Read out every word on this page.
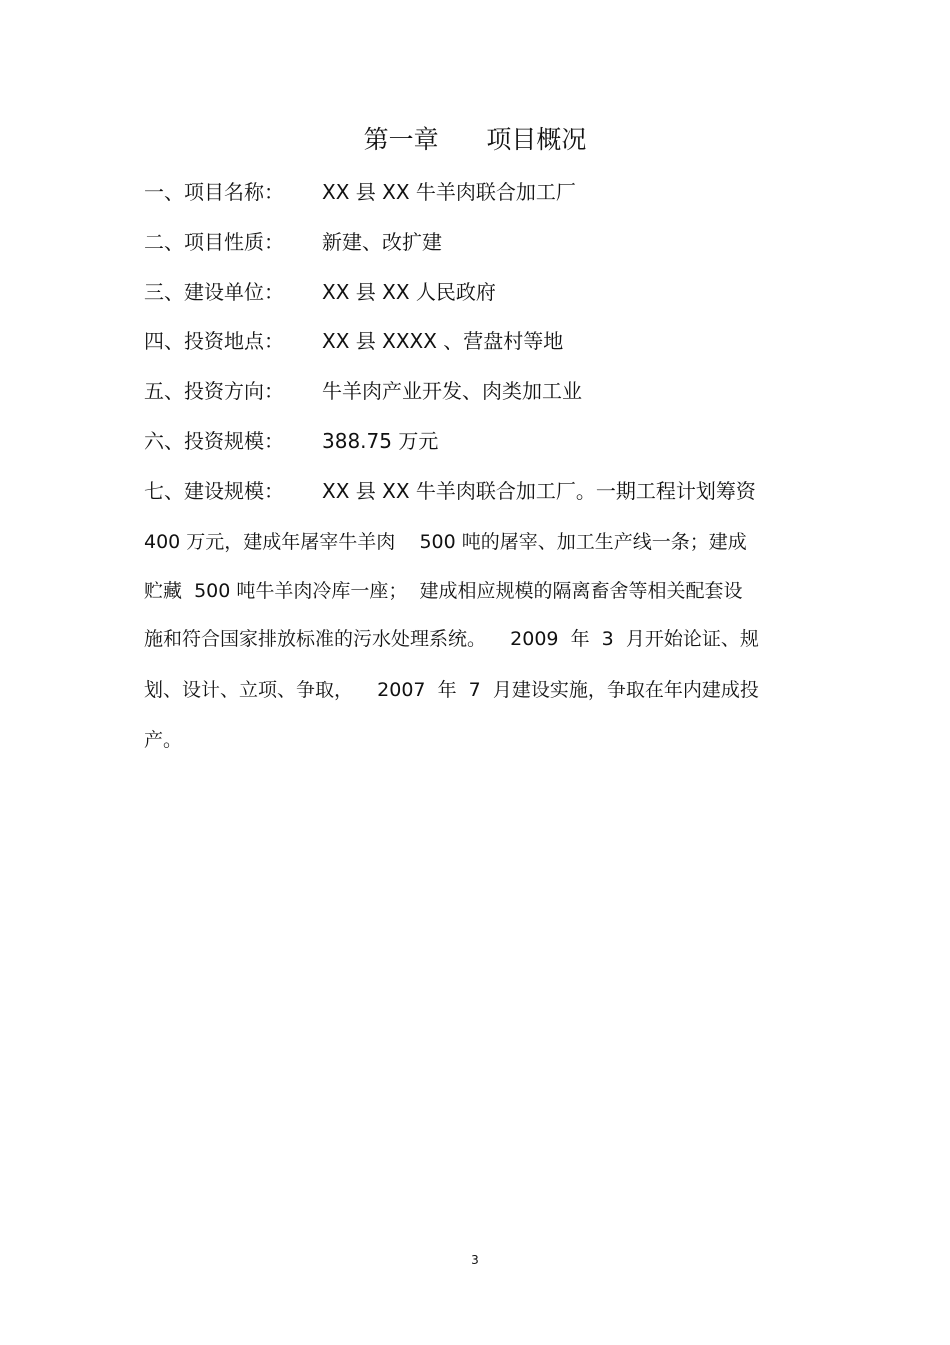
第一章      项目概况
一、项目名称： XX 县 XX 牛羊肉联合加工厂
二、项目性质： 新建、改扩建
三、建设单位： XX 县 XX 人民政府
四、投资地点： XX 县 XXXX 、营盘村等地
五、投资方向： 牛羊肉产业开发、肉类加工业
六、投资规模： 388.75 万元
七、建设规模： XX 县 XX 牛羊肉联合加工厂。一期工程计划筹资
400 万元，建成年屠宰牛羊肉    500 吨的屠宰、加工生产线一条；建成
贮藏  500 吨牛羊肉冷库一座；  建成相应规模的隔离畜舍等相关配套设
施和符合国家排放标准的污水处理系统。    2009  年  3  月开始论证、规
划、设计、立项、争取，    2007  年  7  月建设实施，争取在年内建成投
产。
3
